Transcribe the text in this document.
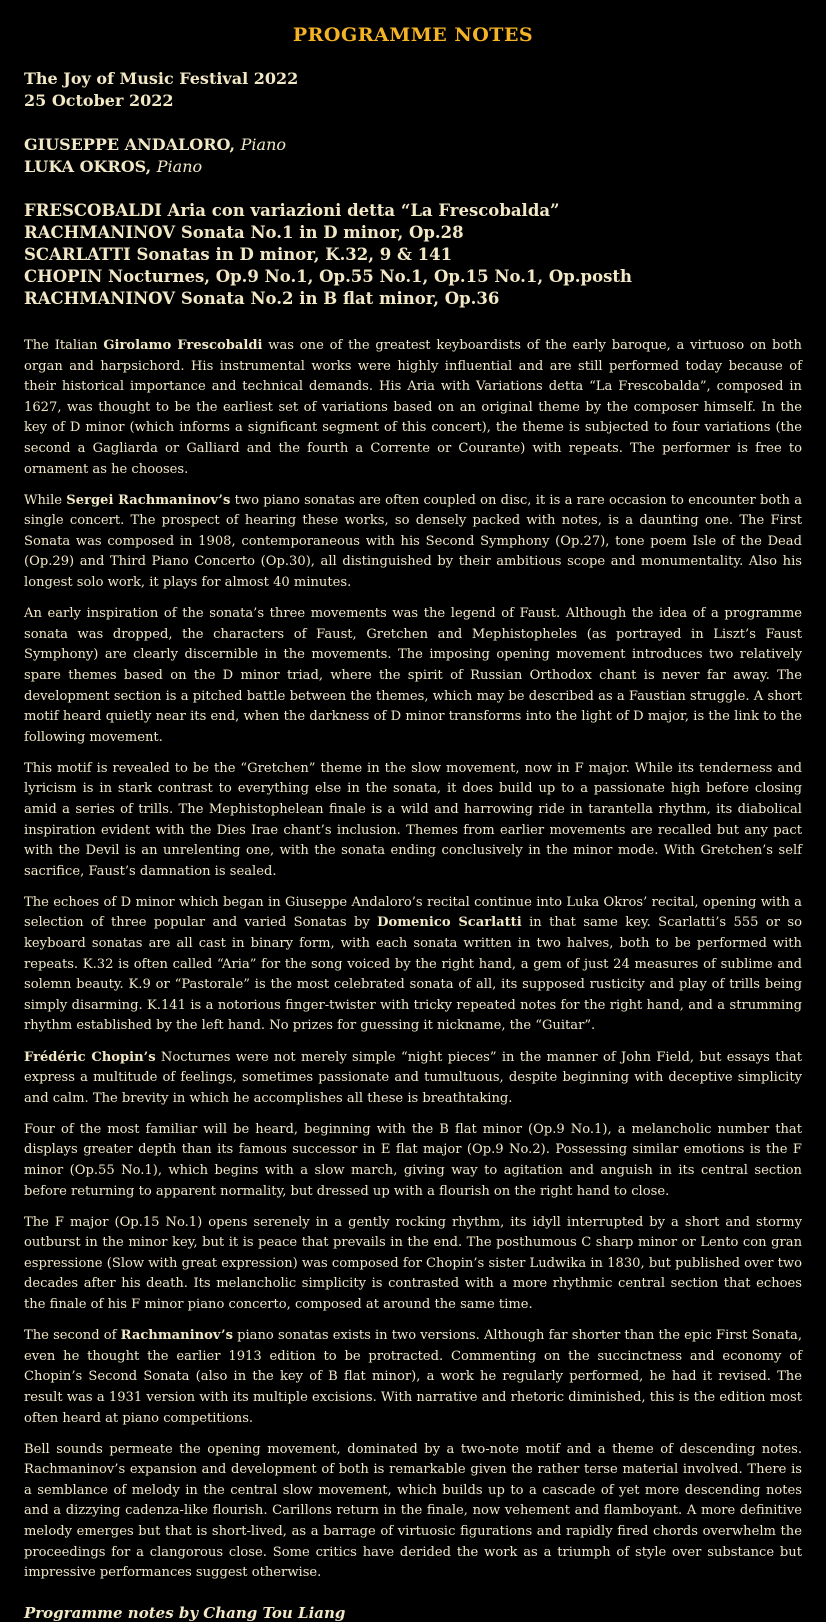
PROGRAMME NOTES
The Joy of Music Festival 2022
25 October 2022
GIUSEPPE ANDALORO, Piano
LUKA OKROS, Piano
FRESCOBALDI Aria con variazioni detta “La Frescobalda”
RACHMANINOV Sonata No.1 in D minor, Op.28
SCARLATTI Sonatas in D minor, K.32, 9 & 141
CHOPIN Nocturnes, Op.9 No.1, Op.55 No.1, Op.15 No.1, Op.posth
RACHMANINOV Sonata No.2 in B flat minor, Op.36

The Italian Girolamo Frescobaldi was one of the greatest keyboardists of the early baroque, a virtuoso on both organ and harpsichord. His instrumental works were highly influential and are still performed today because of their historical importance and technical demands. His Aria with Variations detta “La Frescobalda”, composed in 1627, was thought to be the earliest set of variations based on an original theme by the composer himself. In the key of D minor (which informs a significant segment of this concert), the theme is subjected to four variations (the second a Gagliarda or Galliard and the fourth a Corrente or Courante) with repeats. The performer is free to ornament as he chooses.

While Sergei Rachmaninov’s two piano sonatas are often coupled on disc, it is a rare occasion to encounter both a single concert. The prospect of hearing these works, so densely packed with notes, is a daunting one. The First Sonata was composed in 1908, contemporaneous with his Second Symphony (Op.27), tone poem Isle of the Dead (Op.29) and Third Piano Concerto (Op.30), all distinguished by their ambitious scope and monumentality. Also his longest solo work, it plays for almost 40 minutes.

An early inspiration of the sonata’s three movements was the legend of Faust. Although the idea of a programme sonata was dropped, the characters of Faust, Gretchen and Mephistopheles (as portrayed in Liszt’s Faust Symphony) are clearly discernible in the movements. The imposing opening movement introduces two relatively spare themes based on the D minor triad, where the spirit of Russian Orthodox chant is never far away. The development section is a pitched battle between the themes, which may be described as a Faustian struggle. A short motif heard quietly near its end, when the darkness of D minor transforms into the light of D major, is the link to the following movement.

This motif is revealed to be the “Gretchen” theme in the slow movement, now in F major. While its tenderness and lyricism is in stark contrast to everything else in the sonata, it does build up to a passionate high before closing amid a series of trills. The Mephistophelean finale is a wild and harrowing ride in tarantella rhythm, its diabolical inspiration evident with the Dies Irae chant’s inclusion. Themes from earlier movements are recalled but any pact with the Devil is an unrelenting one, with the sonata ending conclusively in the minor mode. With Gretchen’s self sacrifice, Faust’s damnation is sealed.

The echoes of D minor which began in Giuseppe Andaloro’s recital continue into Luka Okros’ recital, opening with a selection of three popular and varied Sonatas by Domenico Scarlatti in that same key. Scarlatti’s 555 or so keyboard sonatas are all cast in binary form, with each sonata written in two halves, both to be performed with repeats. K.32 is often called “Aria” for the song voiced by the right hand, a gem of just 24 measures of sublime and solemn beauty. K.9 or “Pastorale” is the most celebrated sonata of all, its supposed rusticity and play of trills being simply disarming. K.141 is a notorious finger-twister with tricky repeated notes for the right hand, and a strumming rhythm established by the left hand. No prizes for guessing it nickname, the “Guitar”.

Frédéric Chopin’s Nocturnes were not merely simple “night pieces” in the manner of John Field, but essays that express a multitude of feelings, sometimes passionate and tumultuous, despite beginning with deceptive simplicity and calm. The brevity in which he accomplishes all these is breathtaking.

Four of the most familiar will be heard, beginning with the B flat minor (Op.9 No.1), a melancholic number that displays greater depth than its famous successor in E flat major (Op.9 No.2). Possessing similar emotions is the F minor (Op.55 No.1), which begins with a slow march, giving way to agitation and anguish in its central section before returning to apparent normality, but dressed up with a flourish on the right hand to close.

The F major (Op.15 No.1) opens serenely in a gently rocking rhythm, its idyll interrupted by a short and stormy outburst in the minor key, but it is peace that prevails in the end. The posthumous C sharp minor or Lento con gran espressione (Slow with great expression) was composed for Chopin’s sister Ludwika in 1830, but published over two decades after his death. Its melancholic simplicity is contrasted with a more rhythmic central section that echoes the finale of his F minor piano concerto, composed at around the same time.

The second of Rachmaninov’s piano sonatas exists in two versions. Although far shorter than the epic First Sonata, even he thought the earlier 1913 edition to be protracted. Commenting on the succinctness and economy of Chopin’s Second Sonata (also in the key of B flat minor), a work he regularly performed, he had it revised. The result was a 1931 version with its multiple excisions. With narrative and rhetoric diminished, this is the edition most often heard at piano competitions.

Bell sounds permeate the opening movement, dominated by a two-note motif and a theme of descending notes. Rachmaninov’s expansion and development of both is remarkable given the rather terse material involved. There is a semblance of melody in the central slow movement, which builds up to a cascade of yet more descending notes and a dizzying cadenza-like flourish. Carillons return in the finale, now vehement and flamboyant. A more definitive melody emerges but that is short-lived, as a barrage of virtuosic figurations and rapidly fired chords overwhelm the proceedings for a clangorous close. Some critics have derided the work as a triumph of style over substance but impressive performances suggest otherwise.

Programme notes by Chang Tou Liang
